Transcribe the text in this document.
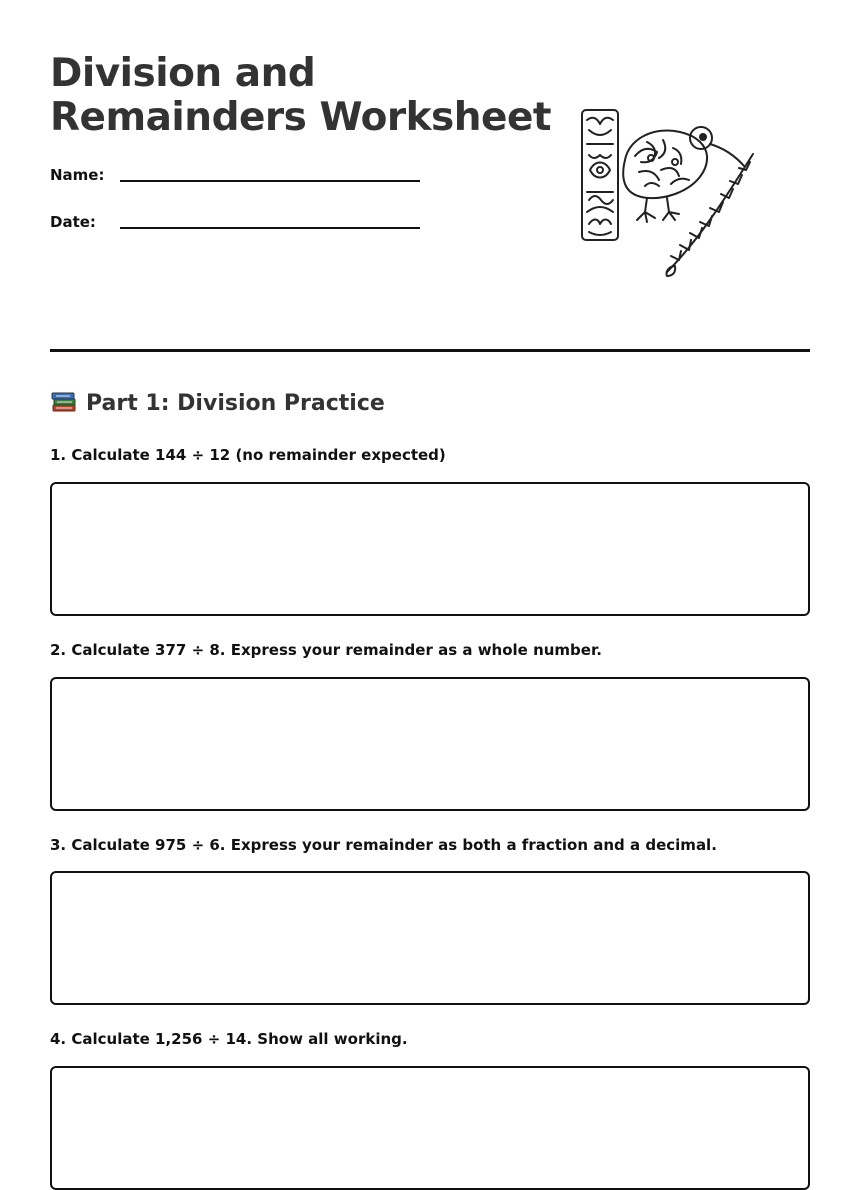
Division and
Remainders Worksheet
Name:
Date:
Part 1: Division Practice
1. Calculate 144 ÷ 12 (no remainder expected)
2. Calculate 377 ÷ 8. Express your remainder as a whole number.
3. Calculate 975 ÷ 6. Express your remainder as both a fraction and a decimal.
4. Calculate 1,256 ÷ 14. Show all working.
